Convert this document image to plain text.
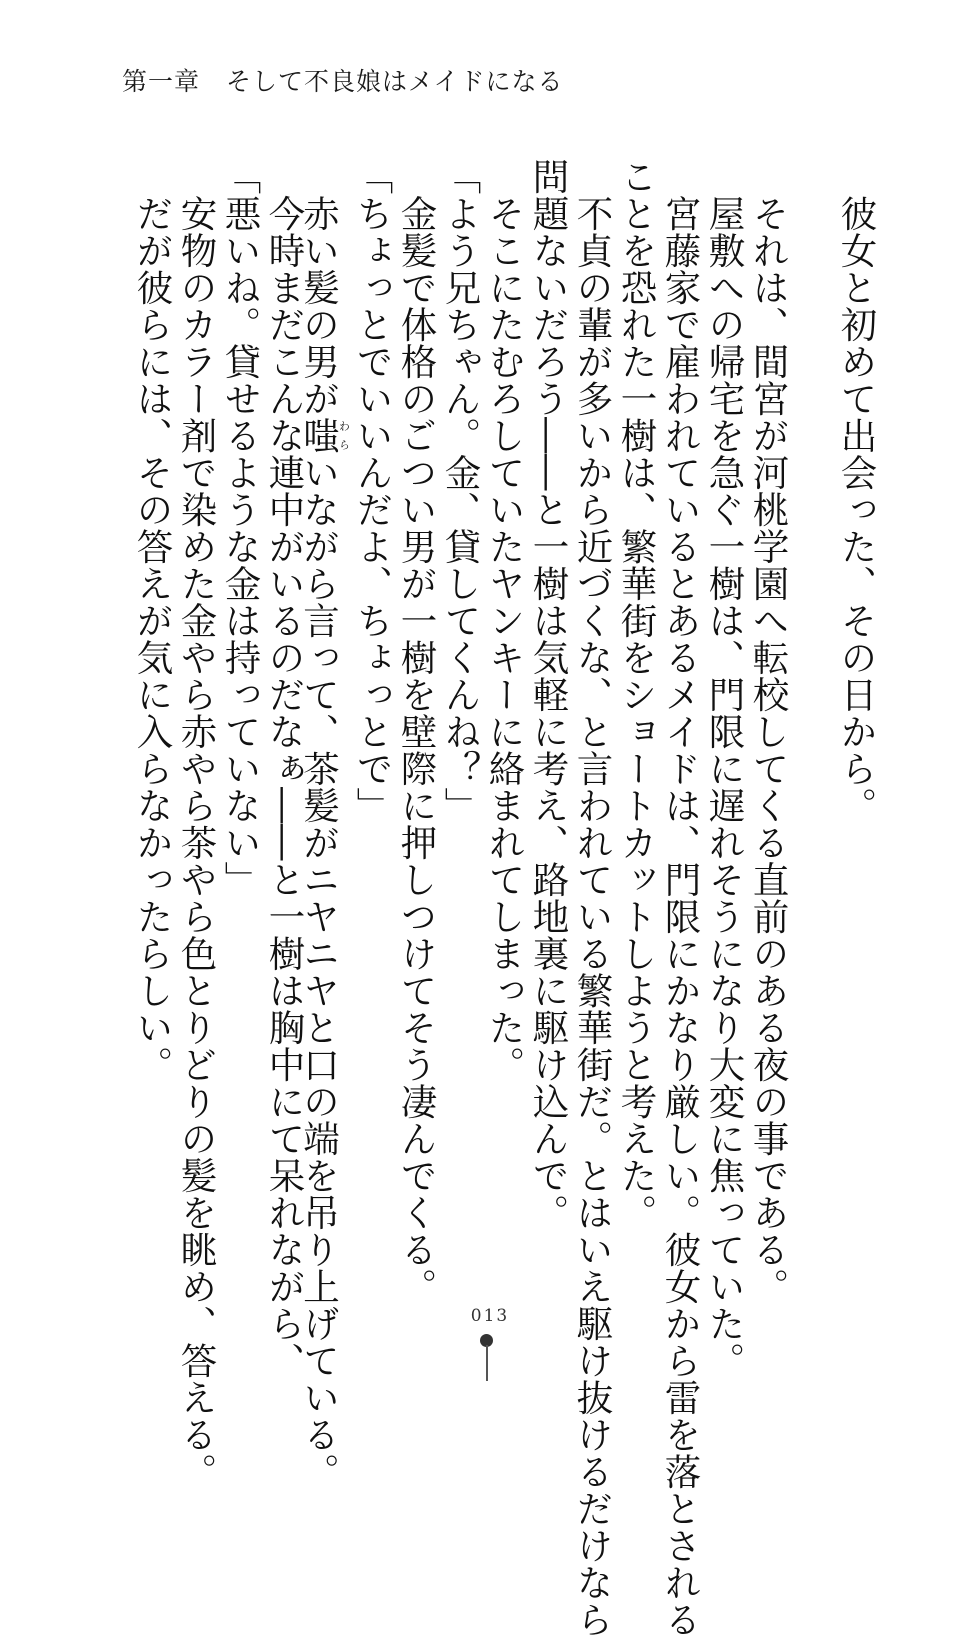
第一章　そして不良娘はメイドになる
　彼女と初めて出会った、その日から。
　それは、間宮が河桃学園へ転校してくる直前のある夜の事である。
　屋敷への帰宅を急ぐ一樹は、門限に遅れそうになり大変に焦っていた。
　宮藤家で雇われているとあるメイドは、門限にかなり厳しい。彼女から雷を落とされる
ことを恐れた一樹は、繁華街をショートカットしようと考えた。
　不貞の輩が多いから近づくな、と言われている繁華街だ。とはいえ駆け抜けるだけなら
問題ないだろう――と一樹は気軽に考え、路地裏に駆け込んで。
　そこにたむろしていたヤンキーに絡まれてしまった。
「よう兄ちゃん。金、貸してくんね？」
　金髪で体格のごつい男が一樹を壁際に押しつけてそう凄んでくる。
「ちょっとでいいんだよ、ちょっとで」
　赤い髪の男が嗤わらいながら言って、茶髪がニヤニヤと口の端を吊り上げている。
　今時まだこんな連中がいるのだなぁ――と一樹は胸中にて呆れながら、
「悪いね。貸せるような金は持っていない」
　安物のカラー剤で染めた金やら赤やら茶やら色とりどりの髪を眺め、答える。
　だが彼らには、その答えが気に入らなかったらしい。
013
